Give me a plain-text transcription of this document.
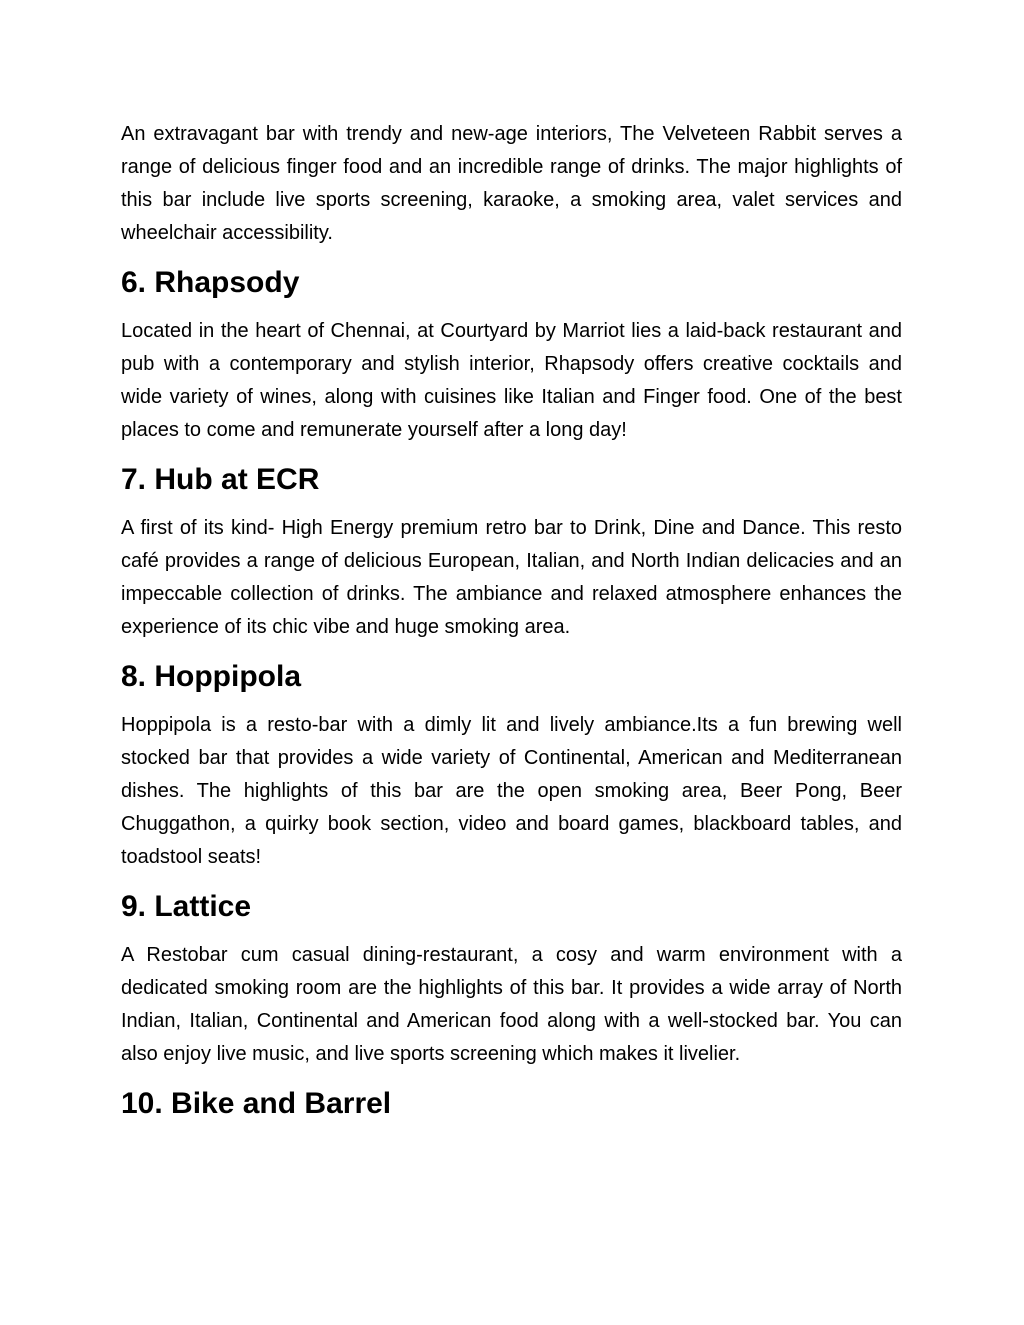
An extravagant bar with trendy and new-age interiors, The Velveteen Rabbit serves a range of delicious finger food and an incredible range of drinks. The major highlights of this bar include live sports screening, karaoke, a smoking area, valet services and wheelchair accessibility.

6. Rhapsody

Located in the heart of Chennai, at Courtyard by Marriot lies a laid-back restaurant and pub with a contemporary and stylish interior, Rhapsody offers creative cocktails and wide variety of wines, along with cuisines like Italian and Finger food. One of the best places to come and remunerate yourself after a long day!

7. Hub at ECR

A first of its kind- High Energy premium retro bar to Drink, Dine and Dance. This resto café provides a range of delicious European, Italian, and North Indian delicacies and an impeccable collection of drinks. The ambiance and relaxed atmosphere enhances the experience of its chic vibe and huge smoking area.

8. Hoppipola

Hoppipola is a resto-bar with a dimly lit and lively ambiance.Its a fun brewing well stocked bar that provides a wide variety of Continental, American and Mediterranean dishes. The highlights of this bar are the open smoking area, Beer Pong, Beer Chuggathon, a quirky book section, video and board games, blackboard tables, and toadstool seats!

9. Lattice

A Restobar cum casual dining-restaurant, a cosy and warm environment with a dedicated smoking room are the highlights of this bar. It provides a wide array of North Indian, Italian, Continental and American food along with a well-stocked bar. You can also enjoy live music, and live sports screening which makes it livelier.

10. Bike and Barrel
